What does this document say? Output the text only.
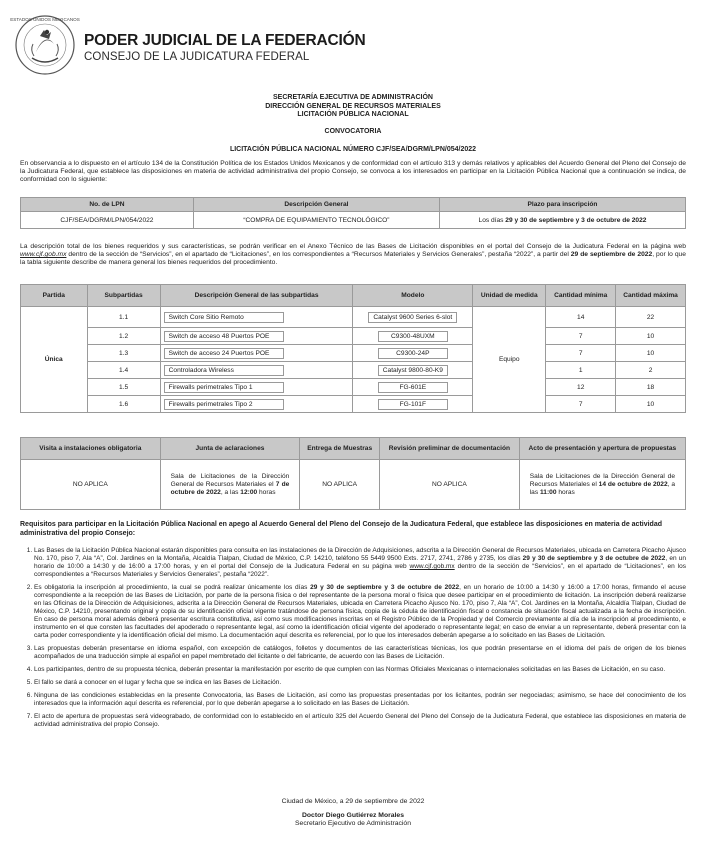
ESTADOS UNIDOS MEXICANOS
PODER JUDICIAL DE LA FEDERACIÓN
CONSEJO DE LA JUDICATURA FEDERAL
SECRETARÍA EJECUTIVA DE ADMINISTRACIÓN
DIRECCIÓN GENERAL DE RECURSOS MATERIALES
LICITACIÓN PÚBLICA NACIONAL
CONVOCATORIA
LICITACIÓN PÚBLICA NACIONAL NÚMERO CJF/SEA/DGRM/LPN/054/2022
En observancia a lo dispuesto en el artículo 134 de la Constitución Política de los Estados Unidos Mexicanos y de conformidad con el artículo 313 y demás relativos y aplicables del Acuerdo General del Pleno del Consejo de la Judicatura Federal, que establece las disposiciones en materia de actividad administrativa del propio Consejo, se convoca a los interesados en participar en la Licitación Pública Nacional que a continuación se indica, de conformidad con lo siguiente:
No. de LPN	Descripción General	Plazo para inscripción
CJF/SEA/DGRM/LPN/054/2022	“COMPRA DE EQUIPAMIENTO TECNOLÓGICO”	Los días 29 y 30 de septiembre y 3 de octubre de 2022
La descripción total de los bienes requeridos y sus características, se podrán verificar en el Anexo Técnico de las Bases de Licitación disponibles en el portal del Consejo de la Judicatura Federal en la página web www.cjf.gob.mx dentro de la sección de “Servicios”, en el apartado de “Licitaciones”, en los correspondientes a “Recursos Materiales y Servicios Generales”, pestaña “2022”, a partir del 29 de septiembre de 2022, por lo que la tabla siguiente describe de manera general los bienes requeridos del procedimiento.
Partida	Subpartidas	Descripción General de las subpartidas	Modelo	Unidad de medida	Cantidad mínima	Cantidad máxima
Única	1.1	Switch Core Sitio Remoto	Catalyst 9600 Series 6-slot	Equipo	14	22
	1.2	Switch de acceso 48 Puertos POE	C9300-48UXM		7	10
	1.3	Switch de acceso 24 Puertos POE	C9300-24P		7	10
	1.4	Controladora Wireless	Catalyst 9800-80-K9		1	2
	1.5	Firewalls perimetrales Tipo 1	FG-601E		12	18
	1.6	Firewalls perimetrales Tipo 2	FG-101F		7	10
Visita a instalaciones obligatoria	Junta de aclaraciones	Entrega de Muestras	Revisión preliminar de documentación	Acto de presentación y apertura de propuestas
NO APLICA	Sala de Licitaciones de la Dirección General de Recursos Materiales el 7 de octubre de 2022, a las 12:00 horas	NO APLICA	NO APLICA	Sala de Licitaciones de la Dirección General de Recursos Materiales el 14 de octubre de 2022, a las 11:00 horas
Requisitos para participar en la Licitación Pública Nacional en apego al Acuerdo General del Pleno del Consejo de la Judicatura Federal, que establece las disposiciones en materia de actividad administrativa del propio Consejo:
1. Las Bases de la Licitación Pública Nacional estarán disponibles para consulta en las instalaciones de la Dirección de Adquisiciones, adscrita a la Dirección General de Recursos Materiales, ubicada en Carretera Picacho Ajusco No. 170, piso 7, Ala “A”, Col. Jardines en la Montaña, Alcaldía Tlalpan, Ciudad de México, C.P. 14210, teléfono 55 5449 9500 Exts. 2717, 2741, 2786 y 2735, los días 29 y 30 de septiembre y 3 de octubre de 2022, en un horario de 10:00 a 14:30 y de 16:00 a 17:00 horas, y en el portal del Consejo de la Judicatura Federal en su página web www.cjf.gob.mx dentro de la sección de “Servicios”, en el apartado de “Licitaciones”, en los correspondientes a “Recursos Materiales y Servicios Generales”, pestaña “2022”.
2. Es obligatoria la inscripción al procedimiento, la cual se podrá realizar únicamente los días 29 y 30 de septiembre y 3 de octubre de 2022, en un horario de 10:00 a 14:30 y 16:00 a 17:00 horas, firmando el acuse correspondiente a la recepción de las Bases de Licitación, por parte de la persona física o del representante de la persona moral o física que desee participar en el procedimiento de licitación. La inscripción deberá realizarse en las Oficinas de la Dirección de Adquisiciones, adscrita a la Dirección General de Recursos Materiales, ubicada en Carretera Picacho Ajusco No. 170, piso 7, Ala “A”, Col. Jardines en la Montaña, Alcaldía Tlalpan, Ciudad de México, C.P. 14210, presentando original y copia de su identificación oficial vigente tratándose de persona física, copia de la cédula de identificación fiscal o constancia de situación fiscal actualizada a la fecha de inscripción. En caso de persona moral además deberá presentar escritura constitutiva, así como sus modificaciones inscritas en el Registro Público de la Propiedad y del Comercio previamente al día de la inscripción al procedimiento, e instrumento en el que consten las facultades del apoderado o representante legal, así como la identificación oficial vigente del apoderado o representante legal; en caso de enviar a un representante, deberá presentar con la carta poder correspondiente y la identificación oficial del mismo. La documentación aquí descrita es referencial, por lo que los interesados deberán apegarse a lo solicitado en las Bases de Licitación.
3. Las propuestas deberán presentarse en idioma español, con excepción de catálogos, folletos y documentos de las características técnicas, los que podrán presentarse en el idioma del país de origen de los bienes acompañados de una traducción simple al español en papel membretado del licitante o del fabricante, de acuerdo con las Bases de Licitación.
4. Los participantes, dentro de su propuesta técnica, deberán presentar la manifestación por escrito de que cumplen con las Normas Oficiales Mexicanas o internacionales solicitadas en las Bases de Licitación, en su caso.
5. El fallo se dará a conocer en el lugar y fecha que se indica en las Bases de Licitación.
6. Ninguna de las condiciones establecidas en la presente Convocatoria, las Bases de Licitación, así como las propuestas presentadas por los licitantes, podrán ser negociadas; asimismo, se hace del conocimiento de los interesados que la información aquí descrita es referencial, por lo que deberán apegarse a lo solicitado en las Bases de Licitación.
7. El acto de apertura de propuestas será videograbado, de conformidad con lo establecido en el artículo 325 del Acuerdo General del Pleno del Consejo de la Judicatura Federal, que establece las disposiciones en materia de actividad administrativa del propio Consejo.
Ciudad de México, a 29 de septiembre de 2022
Doctor Diego Gutiérrez Morales
Secretario Ejecutivo de Administración
